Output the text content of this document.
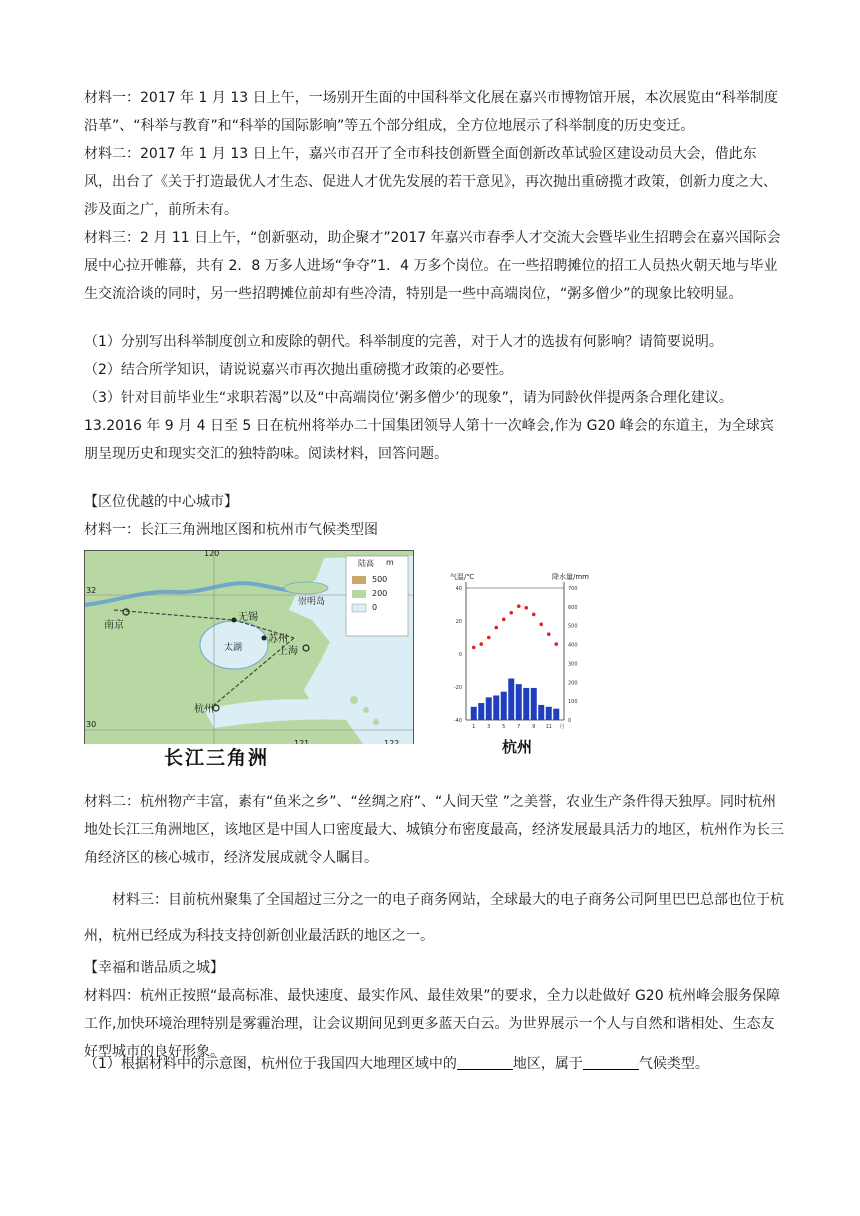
材料一：2017 年 1 月 13 日上午，一场别开生面的中国科举文化展在嘉兴市博物馆开展，本次展览由“科举制度沿革”、“科举与教育”和“科举的国际影响”等五个部分组成，全方位地展示了科举制度的历史变迁。

材料二：2017 年 1 月 13 日上午，嘉兴市召开了全市科技创新暨全面创新改革试验区建设动员大会，借此东风，出台了《关于打造最优人才生态、促进人才优先发展的若干意见》，再次抛出重磅揽才政策，创新力度之大、涉及面之广，前所未有。

材料三：2 月 11 日上午，“创新驱动，助企聚才”2017 年嘉兴市春季人才交流大会暨毕业生招聘会在嘉兴国际会展中心拉开帷幕，共有 2．8 万多人进场“争夺”1．4 万多个岗位。在一些招聘摊位的招工人员热火朝天地与毕业生交流洽谈的同时，另一些招聘摊位前却有些冷清，特别是一些中高端岗位，“粥多僧少”的现象比较明显。

（1）分别写出科举制度创立和废除的朝代。科举制度的完善，对于人才的选拔有何影响？请简要说明。

（2）结合所学知识，请说说嘉兴市再次抛出重磅揽才政策的必要性。

（3）针对目前毕业生“求职若渴”以及“中高端岗位‘粥多僧少’的现象”，请为同龄伙伴提两条合理化建议。

13.2016 年 9 月 4 日至 5 日在杭州将举办二十国集团领导人第十一次峰会,作为 G20 峰会的东道主，为全球宾朋呈现历史和现实交汇的独特韵味。阅读材料，回答问题。

【区位优越的中心城市】

材料一：长江三角洲地区图和杭州市气候类型图

陆高 m
500
200
0
南京
无锡
苏州
上海
杭州
崇明岛
太湖
120
32
30
长江三角洲
40
20
0
-20
-40
700
600
500
400
300
200
100
0
1 3 5 7 9 11 月
气温/℃	降水量/mm
杭州

材料二：杭州物产丰富，素有“鱼米之乡”、“丝绸之府”、“人间天堂 ”之美誉，农业生产条件得天独厚。同时杭州地处长江三角洲地区，该地区是中国人口密度最大、城镇分布密度最高，经济发展最具活力的地区，杭州作为长三角经济区的核心城市，经济发展成就令人瞩目。

材料三：目前杭州聚集了全国超过三分之一的电子商务网站，全球最大的电子商务公司阿里巴巴总部也位于杭州，杭州已经成为科技支持创新创业最活跃的地区之一。

【幸福和谐品质之城】

材料四：杭州正按照“最高标准、最快速度、最实作风、最佳效果”的要求，全力以赴做好 G20 杭州峰会服务保障工作,加快环境治理特别是雾霾治理，让会议期间见到更多蓝天白云。为世界展示一个人与自然和谐相处、生态友好型城市的良好形象。

（1）根据材料中的示意图，杭州位于我国四大地理区域中的	地区，属于	气候类型。
